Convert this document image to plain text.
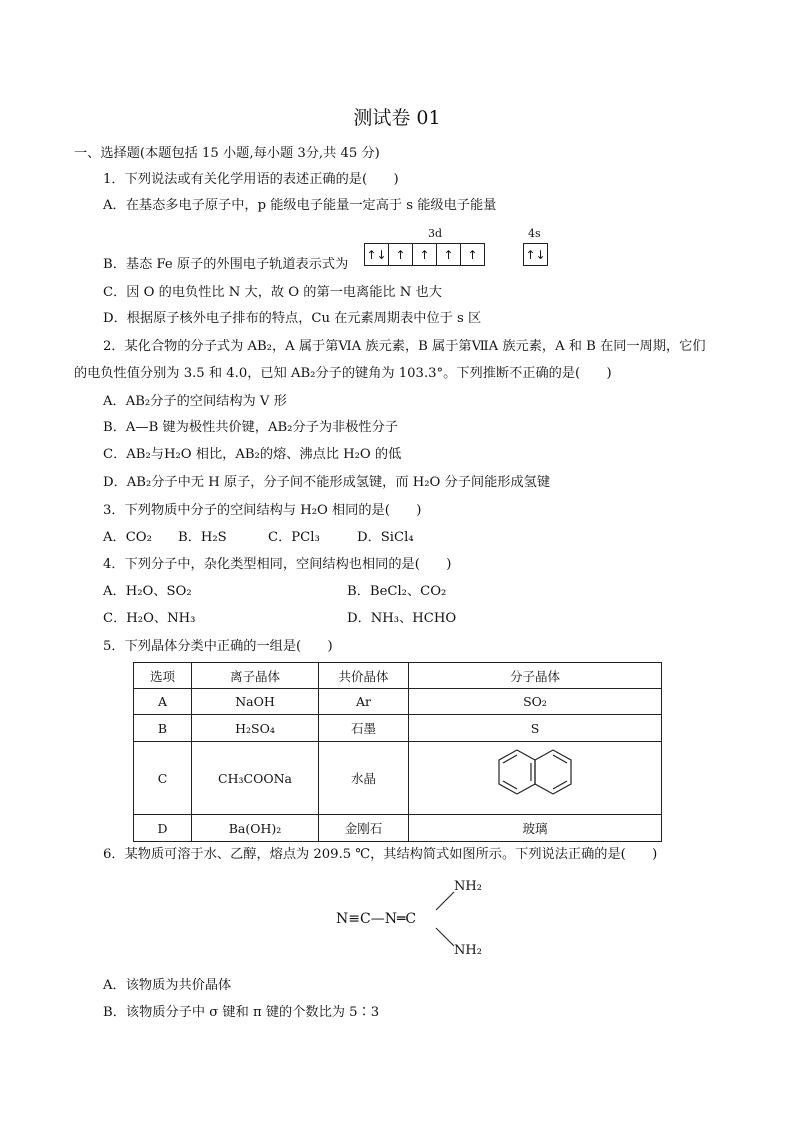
测试卷 01
一、选择题(本题包括 15 小题,每小题 3分,共 45 分)
1．下列说法或有关化学用语的表述正确的是(　　)
A．在基态多电子原子中，p 能级电子能量一定高于 s 能级电子能量
3d	4s
B．基态 Fe 原子的外围电子轨道表示式为
↑↓ ↑	↑	↑	↑	↑↓
C．因 O 的电负性比 N 大，故 O 的第一电离能比 N 也大
D．根据原子核外电子排布的特点，Cu 在元素周期表中位于 s 区
2．某化合物的分子式为 AB₂，A 属于第ⅥA 族元素，B 属于第ⅦA 族元素，A 和 B 在同一周期，它们
的电负性值分别为 3.5 和 4.0，已知 AB₂分子的键角为 103.3°。下列推断不正确的是(　　)
A．AB₂分子的空间结构为 V 形
B．A—B 键为极性共价键，AB₂分子为非极性分子
C．AB₂与H₂O 相比，AB₂的熔、沸点比 H₂O 的低
D．AB₂分子中无 H 原子，分子间不能形成氢键，而 H₂O 分子间能形成氢键
3．下列物质中分子的空间结构与 H₂O 相同的是(　　)
A．CO₂ B．H₂S	C．PCl₃	D．SiCl₄
4．下列分子中，杂化类型相同，空间结构也相同的是(　　)
A．H₂O、SO₂	B．BeCl₂、CO₂
C．H₂O、NH₃	D．NH₃、HCHO
5．下列晶体分类中正确的一组是(　　)
选项	离子晶体	共价晶体	分子晶体
A	NaOH	Ar	SO₂
B	H₂SO₄	石墨	S
C	CH₃COONa	水晶	
D	Ba(OH)₂	金刚石	玻璃
6．某物质可溶于水、乙醇，熔点为 209.5 ℃，其结构简式如图所示。下列说法正确的是(　　)
N≡C—N═C
NH₂
NH₂
A．该物质为共价晶体
B．该物质分子中 σ 键和 π 键的个数比为 5∶3
